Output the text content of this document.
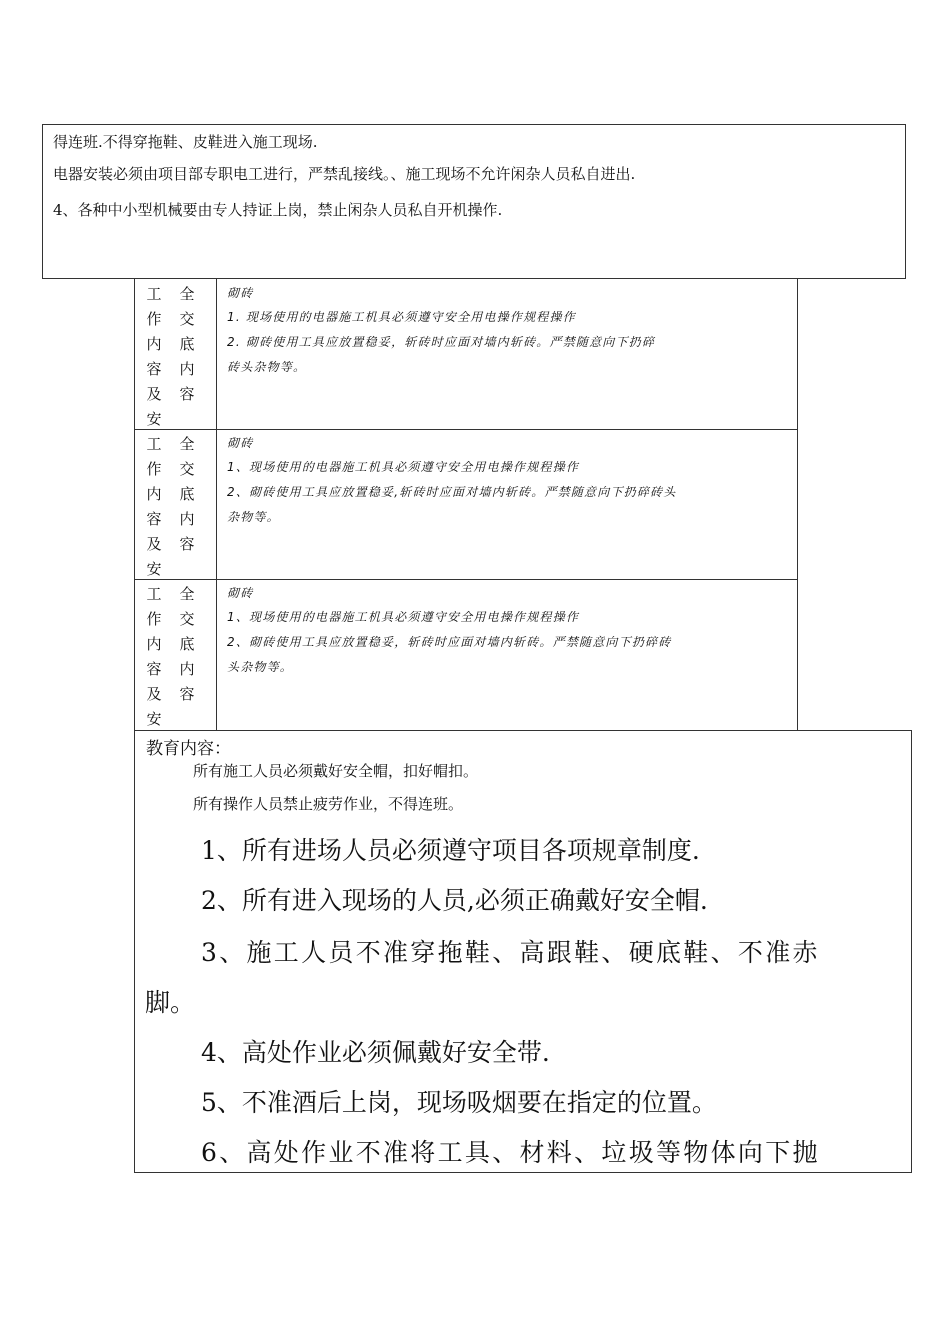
得连班.不得穿拖鞋、皮鞋进入施工现场.
电器安装必须由项目部专职电工进行，严禁乱接线。、施工现场不允许闲杂人员私自进出.
4、各种中小型机械要由专人持证上岗，禁止闲杂人员私自开机操作.
工
作
内
容
及
安
全
交
底
内
容
砌砖
1. 现场使用的电器施工机具必须遵守安全用电操作规程操作
2. 砌砖使用工具应放置稳妥，斩砖时应面对墙内斩砖。严禁随意向下扔碎
砖头杂物等。
工
作
内
容
及
安
全
交
底
内
容
砌砖
1、现场使用的电器施工机具必须遵守安全用电操作规程操作
2、砌砖使用工具应放置稳妥,斩砖时应面对墙内斩砖。严禁随意向下扔碎砖头
杂物等。
工
作
内
容
及
安
全
交
底
内
容
砌砖
1、现场使用的电器施工机具必须遵守安全用电操作规程操作
2、砌砖使用工具应放置稳妥，斩砖时应面对墙内斩砖。严禁随意向下扔碎砖
头杂物等。
教育内容：
所有施工人员必须戴好安全帽，扣好帽扣。
所有操作人员禁止疲劳作业，不得连班。
1、所有进场人员必须遵守项目各项规章制度.
2、所有进入现场的人员,必须正确戴好安全帽.
3、施工人员不准穿拖鞋、高跟鞋、硬底鞋、不准赤
脚。
4、高处作业必须佩戴好安全带.
5、不准酒后上岗，现场吸烟要在指定的位置。
6、高处作业不准将工具、材料、垃圾等物体向下抛
